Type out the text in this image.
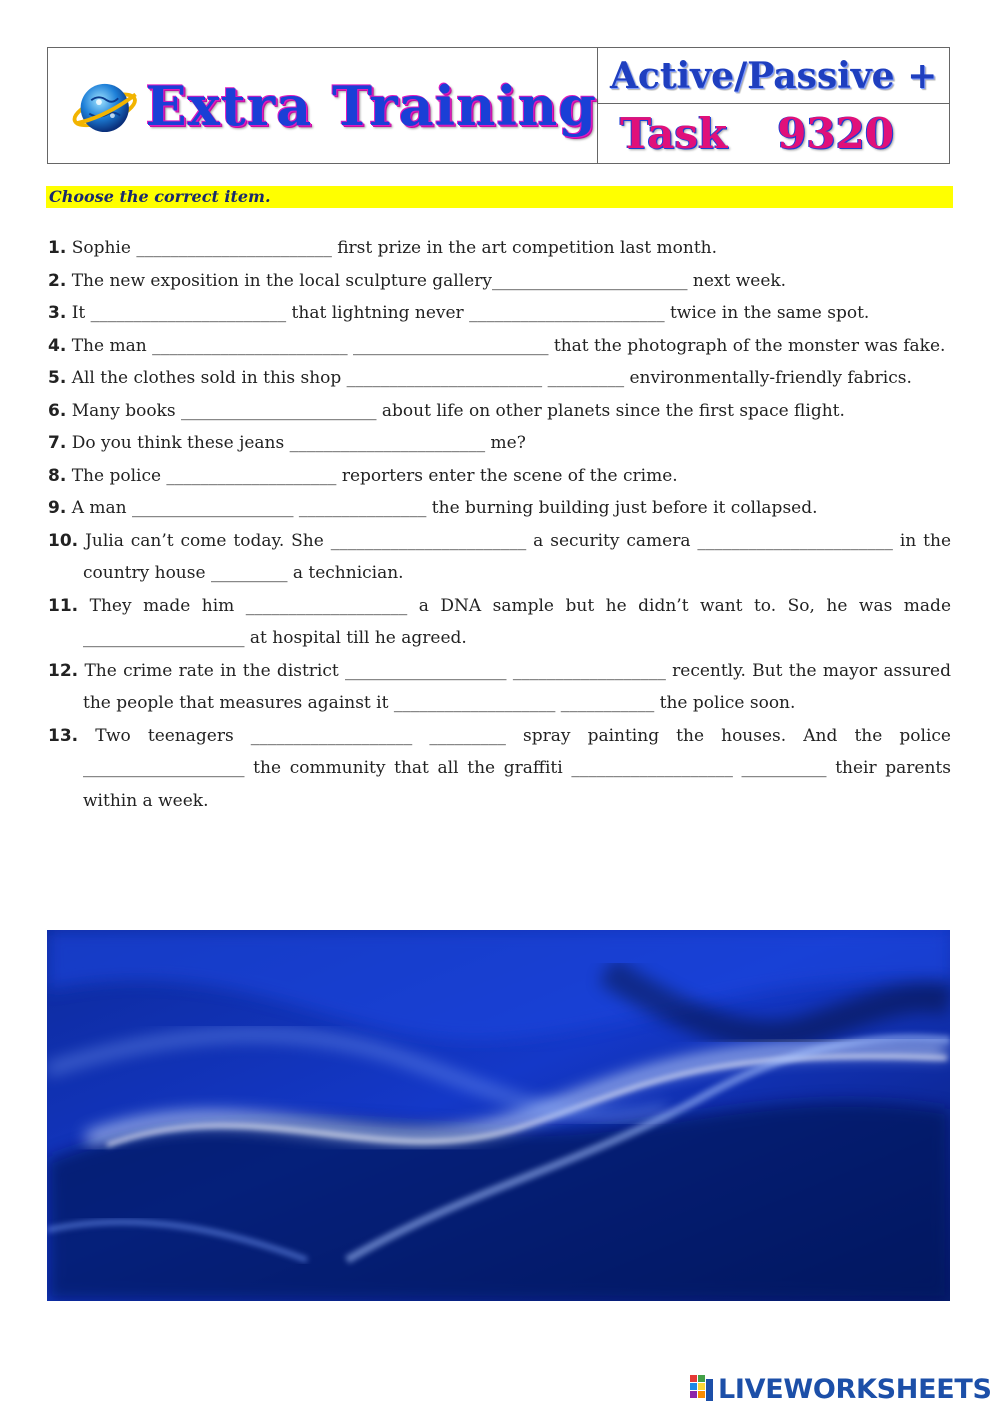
Extra Training Active/Passive +
Task 9320
Choose the correct item.
1. Sophie _______________________ first prize in the art competition last month.
2. The new exposition in the local sculpture gallery_______________________ next week.
3. It _______________________ that lightning never _______________________ twice in the same spot.
4. The man _______________________ _______________________ that the photograph of the monster was fake.
5. All the clothes sold in this shop _______________________ _________ environmentally-friendly fabrics.
6. Many books _______________________ about life on other planets since the first space flight.
7. Do you think these jeans _______________________ me?
8. The police ____________________ reporters enter the scene of the crime.
9. A man ___________________ _______________ the burning building just before it collapsed.
10. Julia can’t come today. She _______________________ a security camera _______________________ in the country house _________ a technician.
11. They made him ___________________ a DNA sample but he didn’t want to. So, he was made ___________________ at hospital till he agreed.
12. The crime rate in the district ___________________ __________________ recently. But the mayor assured the people that measures against it ___________________ ___________ the police soon.
13. Two teenagers ___________________ _________ spray painting the houses. And the police ___________________ the community that all the graffiti ___________________ __________ their parents within a week.
LIVEWORKSHEETS
